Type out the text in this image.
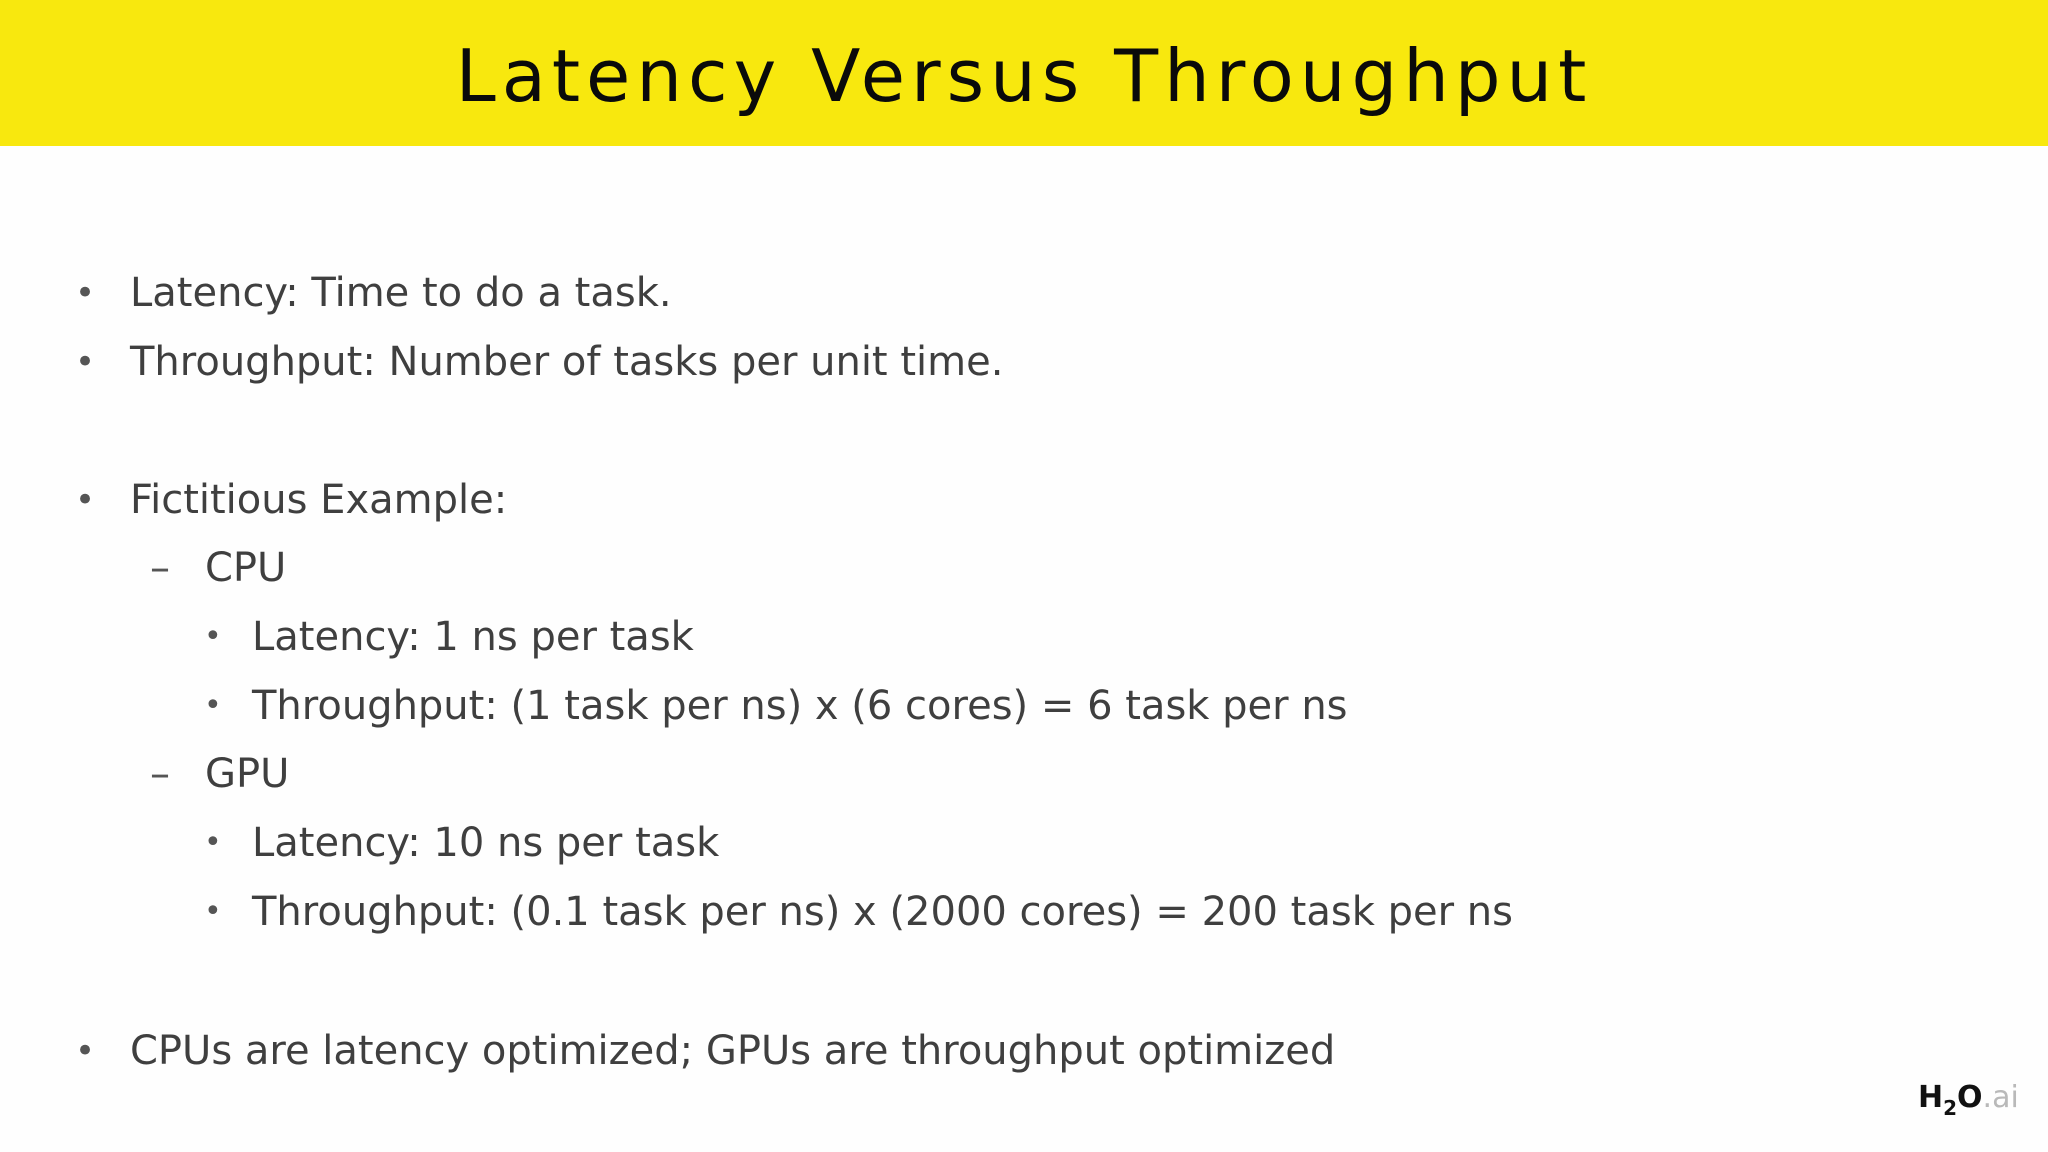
Latency Versus Throughput
• Latency: Time to do a task.
• Throughput: Number of tasks per unit time.
• Fictitious Example:
– CPU
• Latency: 1 ns per task
• Throughput: (1 task per ns) x (6 cores) = 6 task per ns
– GPU
• Latency: 10 ns per task
• Throughput: (0.1 task per ns) x (2000 cores) = 200 task per ns
• CPUs are latency optimized; GPUs are throughput optimized
H2O.ai
